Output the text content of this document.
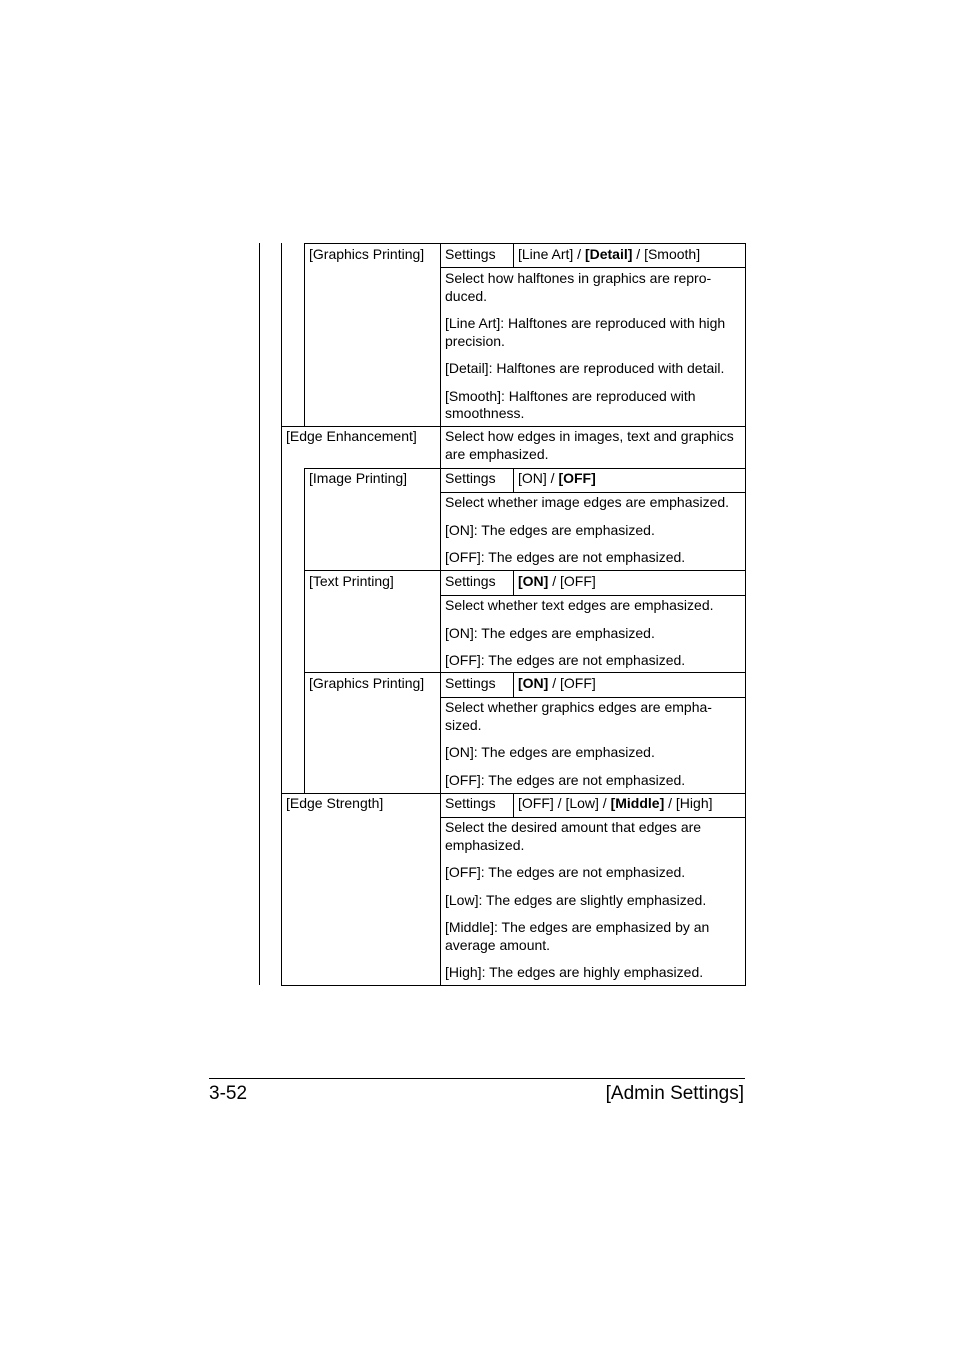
[Graphics Printing] Settings [Line Art] / [Detail] / [Smooth]

Select how halftones in graphics are repro-
duced.

[Line Art]: Halftones are reproduced with high precision.

[Detail]: Halftones are reproduced with detail.

[Smooth]: Halftones are reproduced with smoothness.

[Edge Enhancement] Select how edges in images, text and graphics are emphasized.

[Image Printing]	Settings [ON] / [OFF]

Select whether image edges are emphasized.

[ON]: The edges are emphasized.

[OFF]: The edges are not emphasized.

[Text Printing]	Settings [ON] / [OFF]

Select whether text edges are emphasized.

[ON]: The edges are emphasized.

[OFF]: The edges are not emphasized.

[Graphics Printing] Settings [ON] / [OFF]

Select whether graphics edges are empha-
sized.

[ON]: The edges are emphasized.

[OFF]: The edges are not emphasized.

[Edge Strength]	Settings [OFF] / [Low] / [Middle] / [High]

Select the desired amount that edges are emphasized.

[OFF]: The edges are not emphasized.

[Low]: The edges are slightly emphasized.

[Middle]: The edges are emphasized by an average amount.

[High]: The edges are highly emphasized.

3-52	[Admin Settings]
